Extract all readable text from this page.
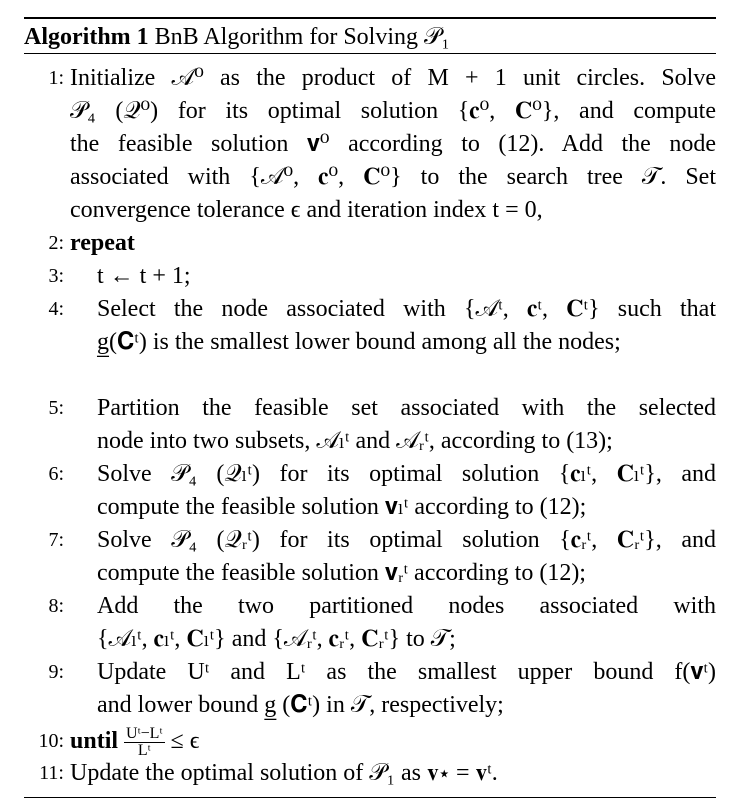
Algorithm 1 BnB Algorithm for Solving 𝒫₁
1: Initialize 𝒜⁰ as the product of M + 1 unit circles. Solve
𝒫₄ (𝒬⁰) for its optimal solution {𝐜⁰, 𝐂⁰}, and compute
the feasible solution 𝐯⁰ according to (12). Add the node
associated with {𝒜⁰, 𝐜⁰, 𝐂⁰} to the search tree 𝒯. Set
convergence tolerance ϵ and iteration index t = 0,
2: repeat
3: t ← t + 1;
4: Select the node associated with {𝒜ᵗ, 𝐜ᵗ, 𝐂ᵗ} such that
g̲(𝐂ᵗ) is the smallest lower bound among all the nodes;
5: Partition the feasible set associated with the selected
node into two subsets, 𝒜ₗᵗ and 𝒜ᵣᵗ, according to (13);
6: Solve 𝒫₄ (𝒬ₗᵗ) for its optimal solution {𝐜ₗᵗ, 𝐂ₗᵗ}, and
compute the feasible solution 𝐯ₗᵗ according to (12);
7: Solve 𝒫₄ (𝒬ᵣᵗ) for its optimal solution {𝐜ᵣᵗ, 𝐂ᵣᵗ}, and
compute the feasible solution 𝐯ᵣᵗ according to (12);
8: Add the two partitioned nodes associated with
{𝒜ₗᵗ, 𝐜ₗᵗ, 𝐂ₗᵗ} and {𝒜ᵣᵗ, 𝐜ᵣᵗ, 𝐂ᵣᵗ} to 𝒯;
9: Update Uᵗ and Lᵗ as the smallest upper bound f(𝐯ᵗ)
and lower bound g̲ (𝐂ᵗ) in 𝒯, respectively;
10: until $\frac{\text{Uᵗ−Lᵗ}}{\text{Lᵗ}} \le \epsilon$
11: Update the optimal solution of 𝒫₁ as 𝐯⋆ = 𝐯ᵗ.
